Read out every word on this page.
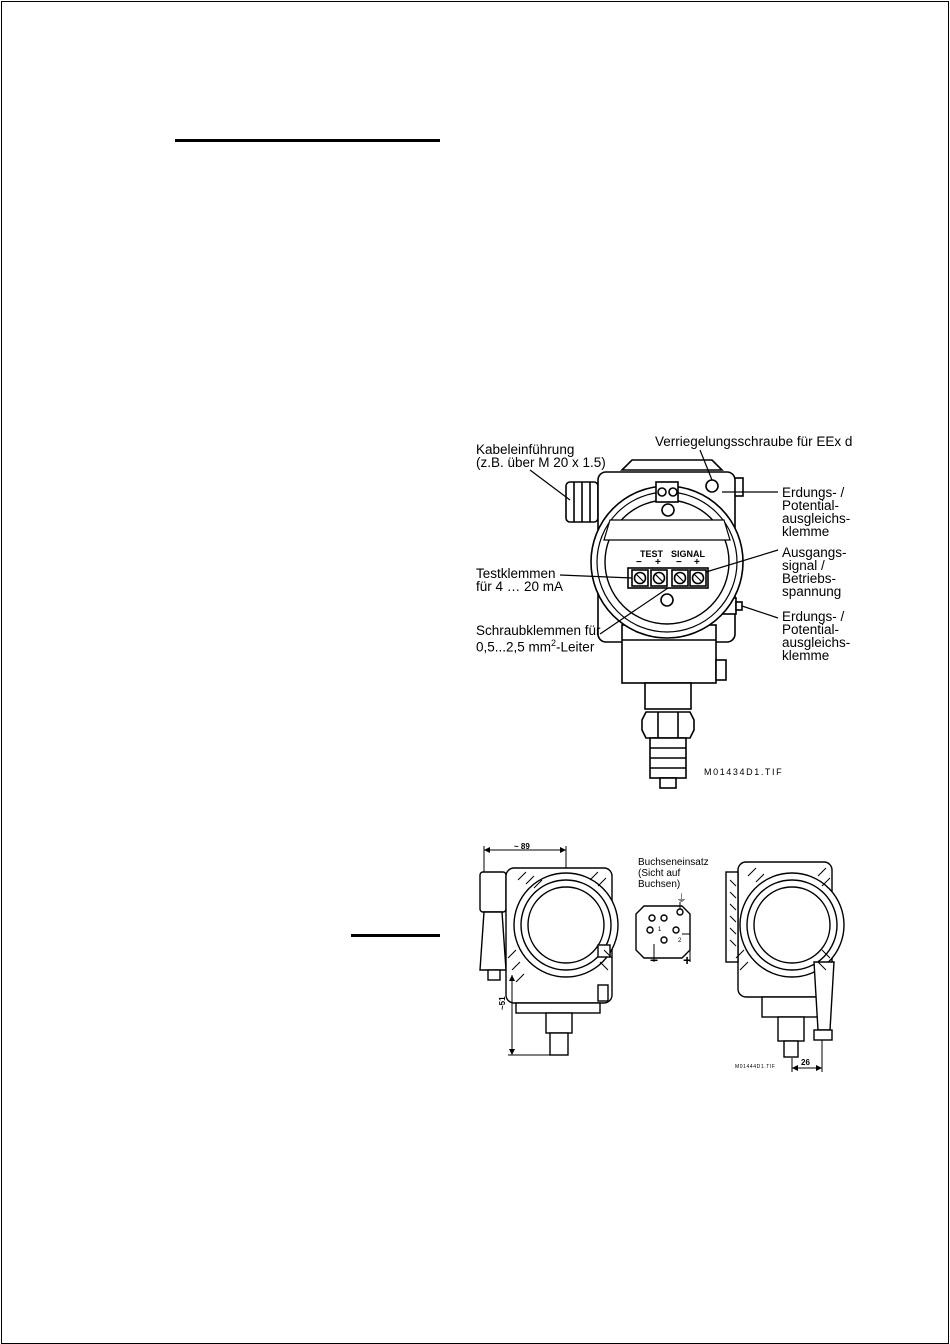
TEST SIGNAL
− + − +
Kabeleinführung
(z.B. über M 20 x 1.5)
Verriegelungsschraube für EEx d
Erdungs- /
Potential-
ausgleichs-
klemme
Ausgangs-
signal /
Betriebs-
spannung
Testklemmen
für 4 … 20 mA
Erdungs- /
Potential-
ausgleichs-
klemme
Schraubklemmen für
0,5...2,5 $mm^2$-Leiter
M01434D1.TIF
~ 89
~51
26
Buchseneinsatz
(Sicht auf
Buchsen)
⏚
1
2
− +
M01444D1.TIF
